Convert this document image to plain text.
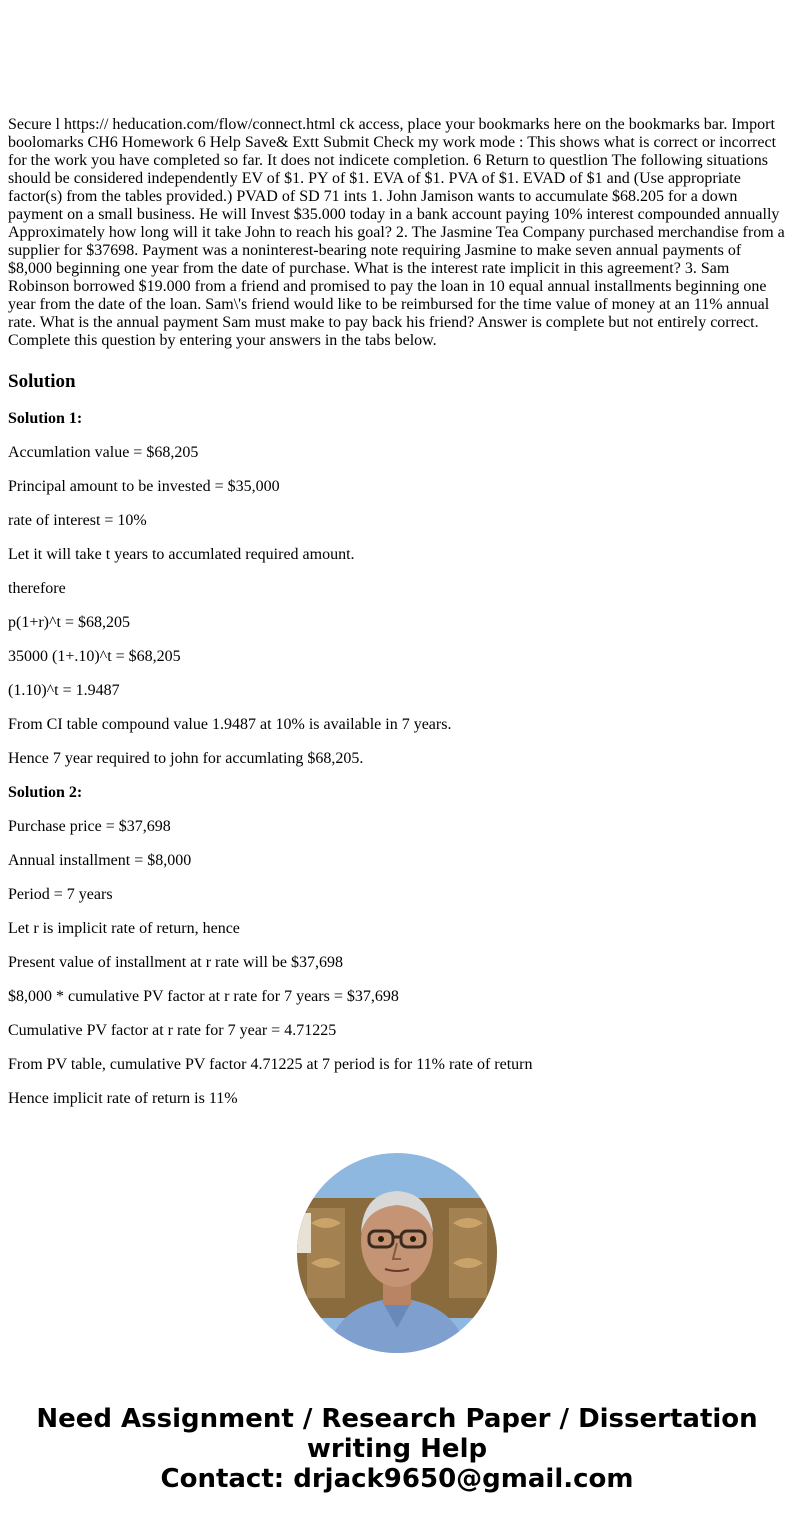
Secure l https:// heducation.com/flow/connect.html ck access, place your bookmarks here on the bookmarks bar. Import boolomarks CH6 Homework 6 Help Save& Extt Submit Check my work mode : This shows what is correct or incorrect for the work you have completed so far. It does not indicete completion. 6 Return to questlion The following situations should be considered independently EV of $1. PY of $1. EVA of $1. PVA of $1. EVAD of $1 and (Use appropriate factor(s) from the tables provided.) PVAD of SD 71 ints 1. John Jamison wants to accumulate $68.205 for a down payment on a small business. He will Invest $35.000 today in a bank account paying 10% interest compounded annually Approximately how long will it take John to reach his goal? 2. The Jasmine Tea Company purchased merchandise from a supplier for $37698. Payment was a noninterest-bearing note requiring Jasmine to make seven annual payments of $8,000 beginning one year from the date of purchase. What is the interest rate implicit in this agreement? 3. Sam Robinson borrowed $19.000 from a friend and promised to pay the loan in 10 equal annual installments beginning one year from the date of the loan. Sam\'s friend would like to be reimbursed for the time value of money at an 11% annual rate. What is the annual payment Sam must make to pay back his friend? Answer is complete but not entirely correct. Complete this question by entering your answers in the tabs below.

Solution
Solution 1:
Accumlation value = $68,205
Principal amount to be invested = $35,000
rate of interest = 10%
Let it will take t years to accumlated required amount.
therefore
p(1+r)^t = $68,205
35000 (1+.10)^t = $68,205
(1.10)^t = 1.9487
From CI table compound value 1.9487 at 10% is available in 7 years.
Hence 7 year required to john for accumlating $68,205.
Solution 2:
Purchase price = $37,698
Annual installment = $8,000
Period = 7 years
Let r is implicit rate of return, hence
Present value of installment at r rate will be $37,698
$8,000 * cumulative PV factor at r rate for 7 years = $37,698
Cumulative PV factor at r rate for 7 year = 4.71225
From PV table, cumulative PV factor 4.71225 at 7 period is for 11% rate of return
Hence implicit rate of return is 11%
Need Assignment / Research Paper / Dissertation
writing Help
Contact: drjack9650@gmail.com
